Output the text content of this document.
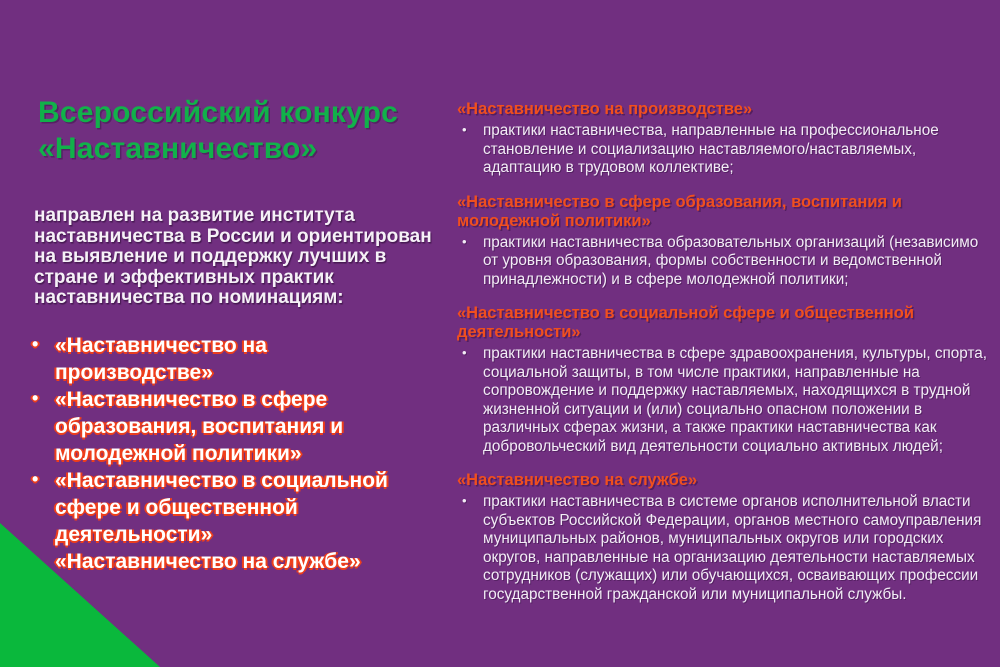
Всероссийский конкурс «Наставничество»

направлен на развитие института наставничества в России и ориентирован на выявление и поддержку лучших в стране и эффективных практик наставничества по номинациям:

• «Наставничество на производстве»
• «Наставничество в сфере образования, воспитания и молодежной политики»
• «Наставничество в социальной сфере и общественной деятельности»
• «Наставничество на службе»
«Наставничество на производстве»
• практики наставничества, направленные на профессиональное становление и социализацию наставляемого/наставляемых, адаптацию в трудовом коллективе;
«Наставничество в сфере образования, воспитания и молодежной политики»
• практики наставничества образовательных организаций (независимо от уровня образования, формы собственности и ведомственной принадлежности) и в сфере молодежной политики;
«Наставничество в социальной сфере и общественной деятельности»
• практики наставничества в сфере здравоохранения, культуры, спорта, социальной защиты, в том числе практики, направленные на сопровождение и поддержку наставляемых, находящихся в трудной жизненной ситуации и (или) социально опасном положении в различных сферах жизни, а также практики наставничества как добровольческий вид деятельности социально активных людей;
«Наставничество на службе»
• практики наставничества в системе органов исполнительной власти субъектов Российской Федерации, органов местного самоуправления муниципальных районов, муниципальных округов или городских округов, направленные на организацию деятельности наставляемых сотрудников (служащих) или обучающихся, осваивающих профессии государственной гражданской или муниципальной службы.
